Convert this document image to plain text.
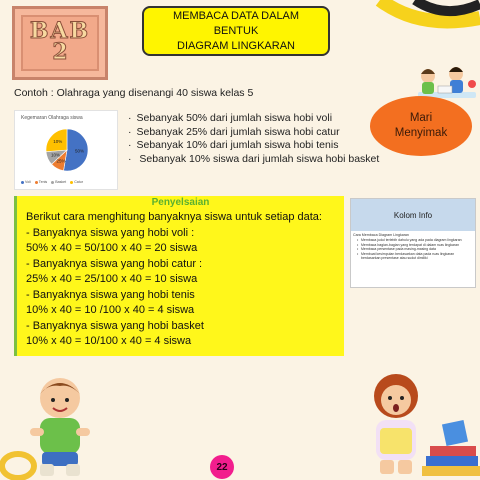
BAB
2
MEMBACA DATA DALAM BENTUK
DIAGRAM LINGKARAN
Contoh : Olahraga yang disenangi 40 siswa kelas 5
Kegemaran Olahraga siswa
50%
25%
10%
10%
Voli Tenis Basket Catur
· Sebanyak 50% dari jumlah siswa hobi voli
· Sebanyak 25% dari jumlah siswa hobi catur
· Sebanyak 10% dari jumlah siswa hobi tenis
· Sebanyak 10% siswa dari jumlah siswa hobi basket
Mari
Menyimak
Penyelsaian
Berikut cara menghitung banyaknya siswa untuk setiap data:
- Banyaknya siswa yang hobi voli :
50% x 40 = 50/100 x 40 = 20 siswa
- Banyaknya siswa yang hobi catur :
25% x 40 = 25/100 x 40 = 10 siswa
- Banyaknya siswa yang hobi tenis
10% x 40 = 10 /100 x 40 = 4 siswa
- Banyaknya siswa yang hobi basket
10% x 40 = 10/100 x 40 = 4 siswa
Kolom Info
Cara Membaca Diagram Lingkaran
• Membaca judul terlebih dahulu yang ada pada diagram lingkaran
• Membaca bagian-bagian yang terdapat di dalam ruas lingkaran
• Membaca persentase pada masing-masing data
• Membuat kesimpulan berdasarkan data pada ruas lingkaran berdasarkan presentase atau sudut dimiliki
22
